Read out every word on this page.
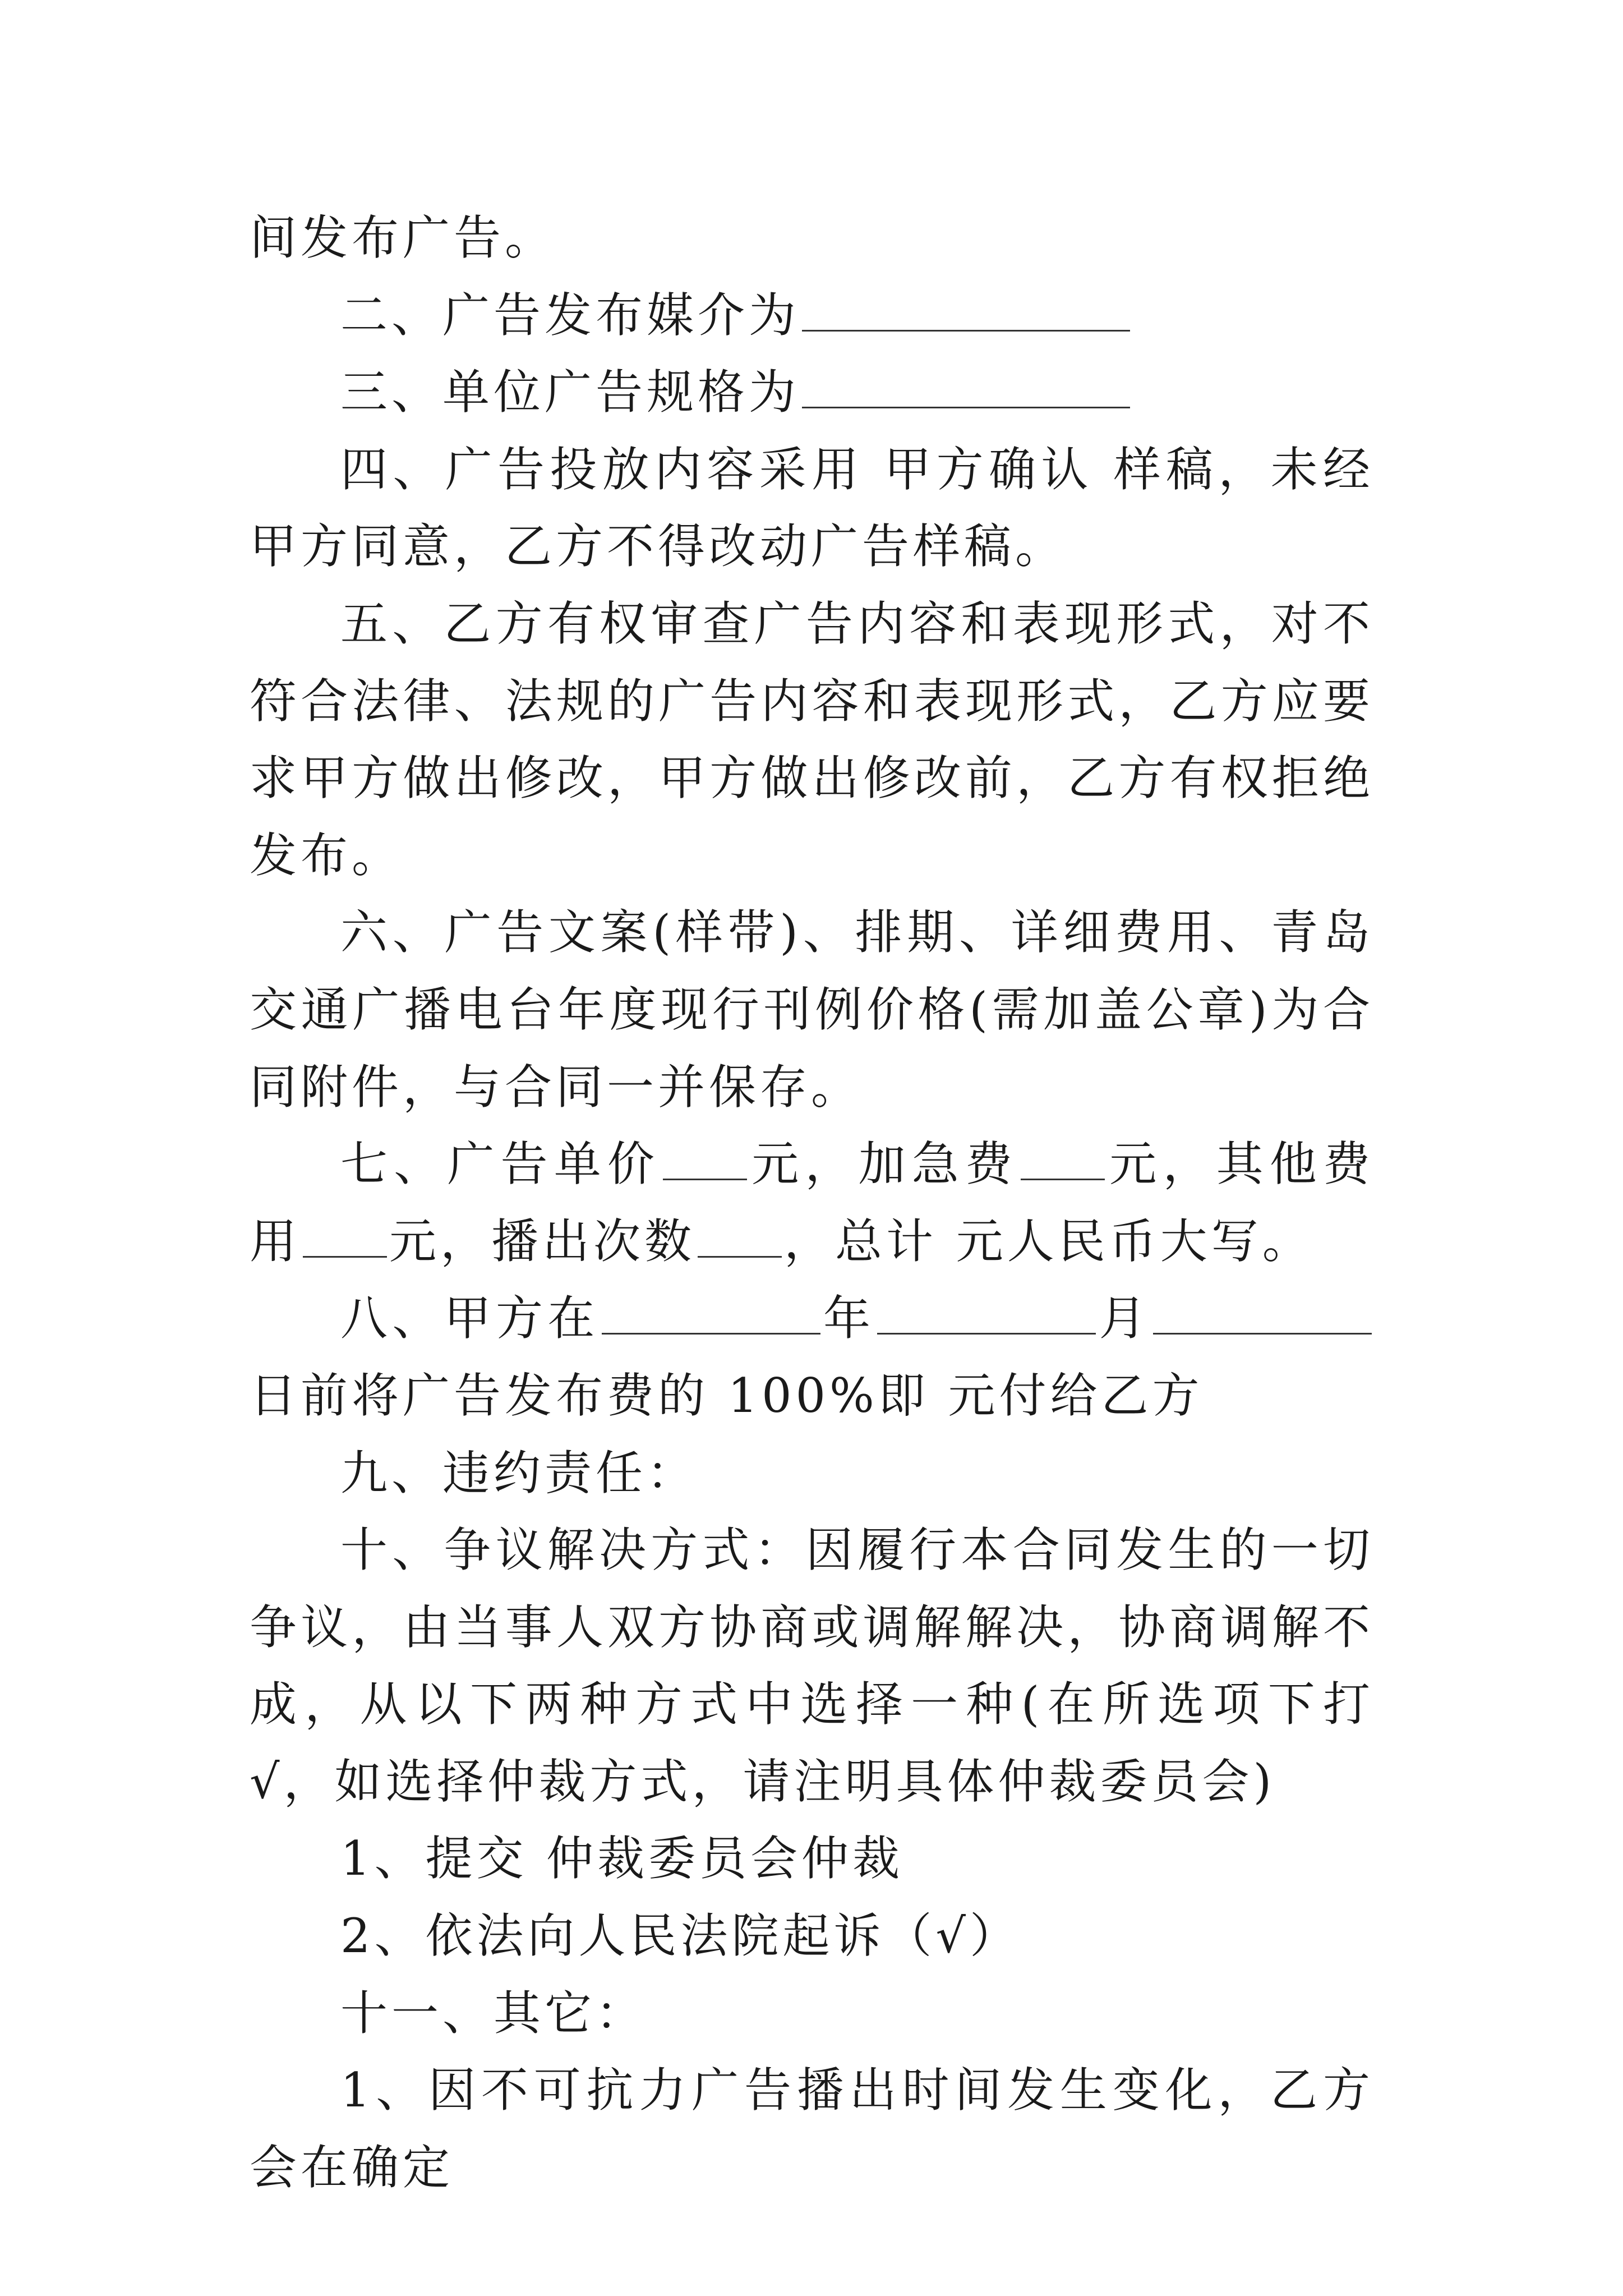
间发布广告。

二、广告发布媒介为

三、单位广告规格为

四、广告投放内容采用 甲方确认 样稿，未经甲方同意，乙方不得改动广告样稿。

五、乙方有权审查广告内容和表现形式，对不符合法律、法规的广告内容和表现形式，乙方应要求甲方做出修改，甲方做出修改前，乙方有权拒绝发布。

六、广告文案(样带)、排期、详细费用、青岛交通广播电台年度现行刊例价格(需加盖公章)为合同附件，与合同一并保存。

七、广告单价 元，加急费 元，其他费用 元，播出次数 ，总计 元人民币大写。

八、甲方在	年	月日前将广告发布费的 100%即 元付给乙方

九、违约责任：

十、争议解决方式：因履行本合同发生的一切争议，由当事人双方协商或调解解决，协商调解不成，从以下两种方式中选择一种(在所选项下打 √，如选择仲裁方式，请注明具体仲裁委员会)

1、提交 仲裁委员会仲裁

2、依法向人民法院起诉（√）

十一、其它：

1、因不可抗力广告播出时间发生变化，乙方会在确定
